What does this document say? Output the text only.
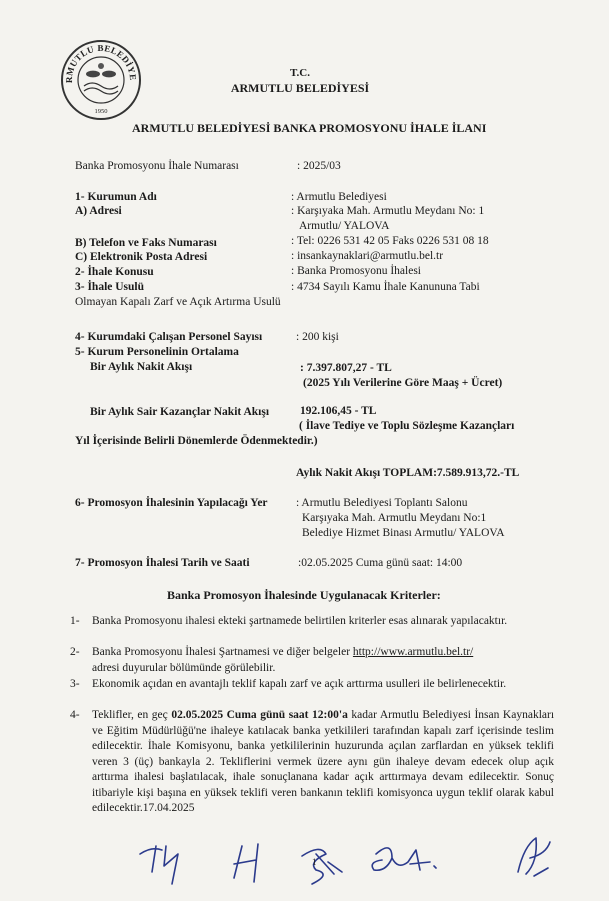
RMUTLU BELEDİYE
1950
T.C.
ARMUTLU BELEDİYESİ
ARMUTLU BELEDİYESİ BANKA PROMOSYONU İHALE İLANI
Banka Promosyonu İhale Numarası	: 2025/03
1- Kurumun Adı	: Armutlu Belediyesi
A) Adresi	: Karşıyaka Mah. Armutlu Meydanı No: 1
Armutlu/ YALOVA
B) Telefon ve Faks Numarası	: Tel: 0226 531 42 05 Faks 0226 531 08 18
C) Elektronik Posta Adresi	: insankaynaklari@armutlu.bel.tr
2- İhale Konusu	: Banka Promosyonu İhalesi
3- İhale Usulü	: 4734 Sayılı Kamu İhale Kanununa Tabi
Olmayan Kapalı Zarf ve Açık Artırma Usulü
4- Kurumdaki Çalışan Personel Sayısı	: 200 kişi
5- Kurum Personelinin Ortalama
Bir Aylık Nakit Akışı	: 7.397.807,27 - TL
(2025 Yılı Verilerine Göre Maaş + Ücret)
Bir Aylık Sair Kazançlar Nakit Akışı	192.106,45 - TL
( İlave Tediye ve Toplu Sözleşme Kazançları
Yıl İçerisinde Belirli Dönemlerde Ödenmektedir.)
Aylık Nakit Akışı TOPLAM:7.589.913,72.-TL
6- Promosyon İhalesinin Yapılacağı Yer : Armutlu Belediyesi Toplantı Salonu
Karşıyaka Mah. Armutlu Meydanı No:1
Belediye Hizmet Binası Armutlu/ YALOVA
7- Promosyon İhalesi Tarih ve Saati	:02.05.2025 Cuma günü saat: 14:00
Banka Promosyon İhalesinde Uygulanacak Kriterler:
1- Banka Promosyonu ihalesi ekteki şartnamede belirtilen kriterler esas alınarak yapılacaktır.
2- Banka Promosyonu İhalesi Şartnamesi ve diğer belgeler http://www.armutlu.bel.tr/
adresi duyurular bölümünde görülebilir.
3- Ekonomik açıdan en avantajlı teklif kapalı zarf ve açık arttırma usulleri ile belirlenecektir.
4- Teklifler, en geç 02.05.2025 Cuma günü saat 12:00'a kadar Armutlu Belediyesi İnsan Kaynakları ve Eğitim Müdürlüğü'ne ihaleye katılacak banka yetkilileri tarafından kapalı zarf içerisinde teslim edilecektir. İhale Komisyonu, banka yetkililerinin huzurunda açılan zarflardan en yüksek teklifi veren 3 (üç) bankayla 2. Tekliflerini vermek üzere aynı gün ihaleye devam edecek olup açık arttırma ihalesi başlatılacak, ihale sonuçlanana kadar açık arttırmaya devam edilecektir. Sonuç itibariyle kişi başına en yüksek teklifi veren bankanın teklifi komisyonca uygun teklif olarak kabul edilecektir.17.04.2025
1
